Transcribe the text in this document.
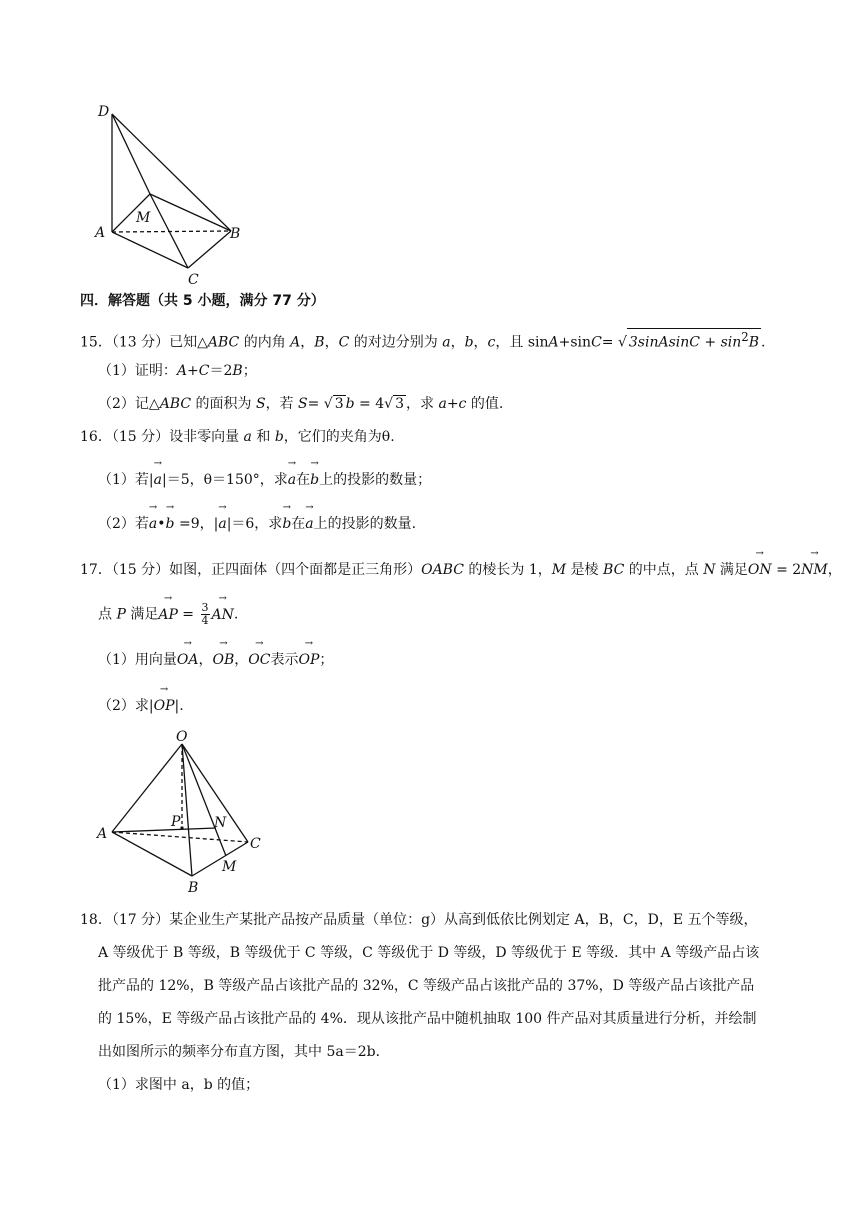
D
M
A	B
C
四．解答题（共 5 小题，满分 77 分）
15．（13 分）已知△ABC 的内角 A，B，C 的对边分别为 a，b，c，且 sinA+sinC= √ 3sinAsinC + $\sin^2B$ .
（1）证明：A+C＝2B；
（2）记△ABC 的面积为 S，若 S= √ 3 b = 4√ 3 ，求 a+c 的值.
16．（15 分）设非零向量 a 和 b，它们的夹角为θ.
（1）若|→ a|＝5，θ＝150°，求→ a在→ b上的投影的数量；
（2）若→ a•→ b =9，|→ a|＝6，求→ b在→ a上的投影的数量.
17．（15 分）如图，正四面体（四个面都是正三角形）OABC 的棱长为 1，M 是棱 BC 的中点，点 N 满足→ ON = 2→ NM，
点 P 满足→ AP = $\frac{3}{4}$
→ AN.
（1）用向量→ OA，→ OB，→ OC表示→ OP；
（2）求|→ OP|.
O
P N
A
C
M
B
18．（17 分）某企业生产某批产品按产品质量（单位：g）从高到低依比例划定 A，B，C，D，E 五个等级，
A 等级优于 B 等级，B 等级优于 C 等级，C 等级优于 D 等级，D 等级优于 E 等级．其中 A 等级产品占该
批产品的 12%，B 等级产品占该批产品的 32%，C 等级产品占该批产品的 37%，D 等级产品占该批产品
的 15%，E 等级产品占该批产品的 4%．现从该批产品中随机抽取 100 件产品对其质量进行分析，并绘制
出如图所示的频率分布直方图，其中 5a＝2b．
（1）求图中 a，b 的值；
